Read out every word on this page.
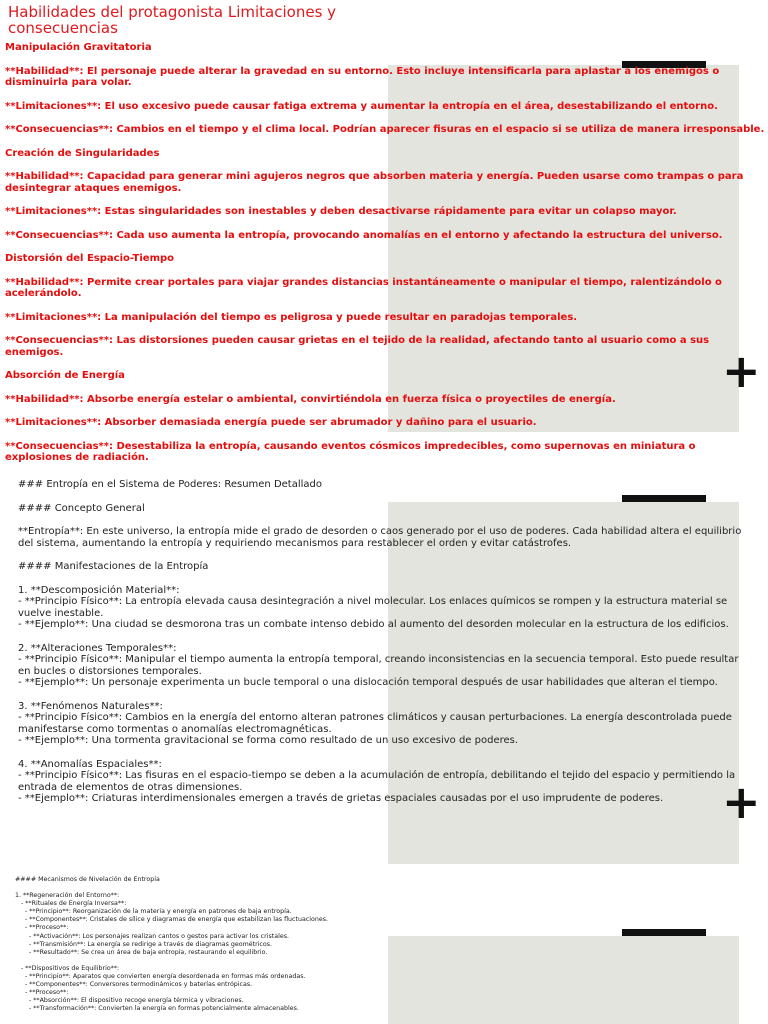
+
Habilidades del protagonista Limitaciones y consecuencias
Manipulación Gravitatoria
**Habilidad**: El personaje puede alterar la gravedad en su entorno. Esto incluye intensificarla para aplastar a los enemigos o disminuirla para volar.
**Limitaciones**: El uso excesivo puede causar fatiga extrema y aumentar la entropía en el área, desestabilizando el entorno.
**Consecuencias**: Cambios en el tiempo y el clima local. Podrían aparecer fisuras en el espacio si se utiliza de manera irresponsable.
Creación de Singularidades
**Habilidad**: Capacidad para generar mini agujeros negros que absorben materia y energía. Pueden usarse como trampas o para desintegrar ataques enemigos.
**Limitaciones**: Estas singularidades son inestables y deben desactivarse rápidamente para evitar un colapso mayor.
**Consecuencias**: Cada uso aumenta la entropía, provocando anomalías en el entorno y afectando la estructura del universo.
Distorsión del Espacio-Tiempo
**Habilidad**: Permite crear portales para viajar grandes distancias instantáneamente o manipular el tiempo, ralentizándolo o acelerándolo.
**Limitaciones**: La manipulación del tiempo es peligrosa y puede resultar en paradojas temporales.
**Consecuencias**: Las distorsiones pueden causar grietas en el tejido de la realidad, afectando tanto al usuario como a sus enemigos.
Absorción de Energía
**Habilidad**: Absorbe energía estelar o ambiental, convirtiéndola en fuerza física o proyectiles de energía.
**Limitaciones**: Absorber demasiada energía puede ser abrumador y dañino para el usuario.
**Consecuencias**: Desestabiliza la entropía, causando eventos cósmicos impredecibles, como supernovas en miniatura o explosiones de radiación.
+
### Entropía en el Sistema de Poderes: Resumen Detallado
#### Concepto General
**Entropía**: En este universo, la entropía mide el grado de desorden o caos generado por el uso de poderes. Cada habilidad altera el equilibrio del sistema, aumentando la entropía y requiriendo mecanismos para restablecer el orden y evitar catástrofes.
#### Manifestaciones de la Entropía
1. **Descomposición Material**:
- **Principio Físico**: La entropía elevada causa desintegración a nivel molecular. Los enlaces químicos se rompen y la estructura material se vuelve inestable.
- **Ejemplo**: Una ciudad se desmorona tras un combate intenso debido al aumento del desorden molecular en la estructura de los edificios.
2. **Alteraciones Temporales**:
- **Principio Físico**: Manipular el tiempo aumenta la entropía temporal, creando inconsistencias en la secuencia temporal. Esto puede resultar en bucles o distorsiones temporales.
- **Ejemplo**: Un personaje experimenta un bucle temporal o una dislocación temporal después de usar habilidades que alteran el tiempo.
3. **Fenómenos Naturales**:
- **Principio Físico**: Cambios en la energía del entorno alteran patrones climáticos y causan perturbaciones. La energía descontrolada puede manifestarse como tormentas o anomalías electromagnéticas.
- **Ejemplo**: Una tormenta gravitacional se forma como resultado de un uso excesivo de poderes.
4. **Anomalías Espaciales**:
- **Principio Físico**: Las fisuras en el espacio-tiempo se deben a la acumulación de entropía, debilitando el tejido del espacio y permitiendo la entrada de elementos de otras dimensiones.
- **Ejemplo**: Criaturas interdimensionales emergen a través de grietas espaciales causadas por el uso imprudente de poderes.
#### Mecanismos de Nivelación de Entropía
1. **Regeneración del Entorno**:
- **Rituales de Energía Inversa**:
- **Principio**: Reorganización de la materia y energía en patrones de baja entropía.
- **Componentes**: Cristales de sílice y diagramas de energía que estabilizan las fluctuaciones.
- **Proceso**:
- **Activación**: Los personajes realizan cantos o gestos para activar los cristales.
- **Transmisión**: La energía se redirige a través de diagramas geométricos.
- **Resultado**: Se crea un área de baja entropía, restaurando el equilibrio.
- **Dispositivos de Equilibrio**:
- **Principio**: Aparatos que convierten energía desordenada en formas más ordenadas.
- **Componentes**: Conversores termodinámicos y baterías entrópicas.
- **Proceso**:
- **Absorción**: El dispositivo recoge energía térmica y vibraciones.
- **Transformación**: Convierten la energía en formas potencialmente almacenables.
